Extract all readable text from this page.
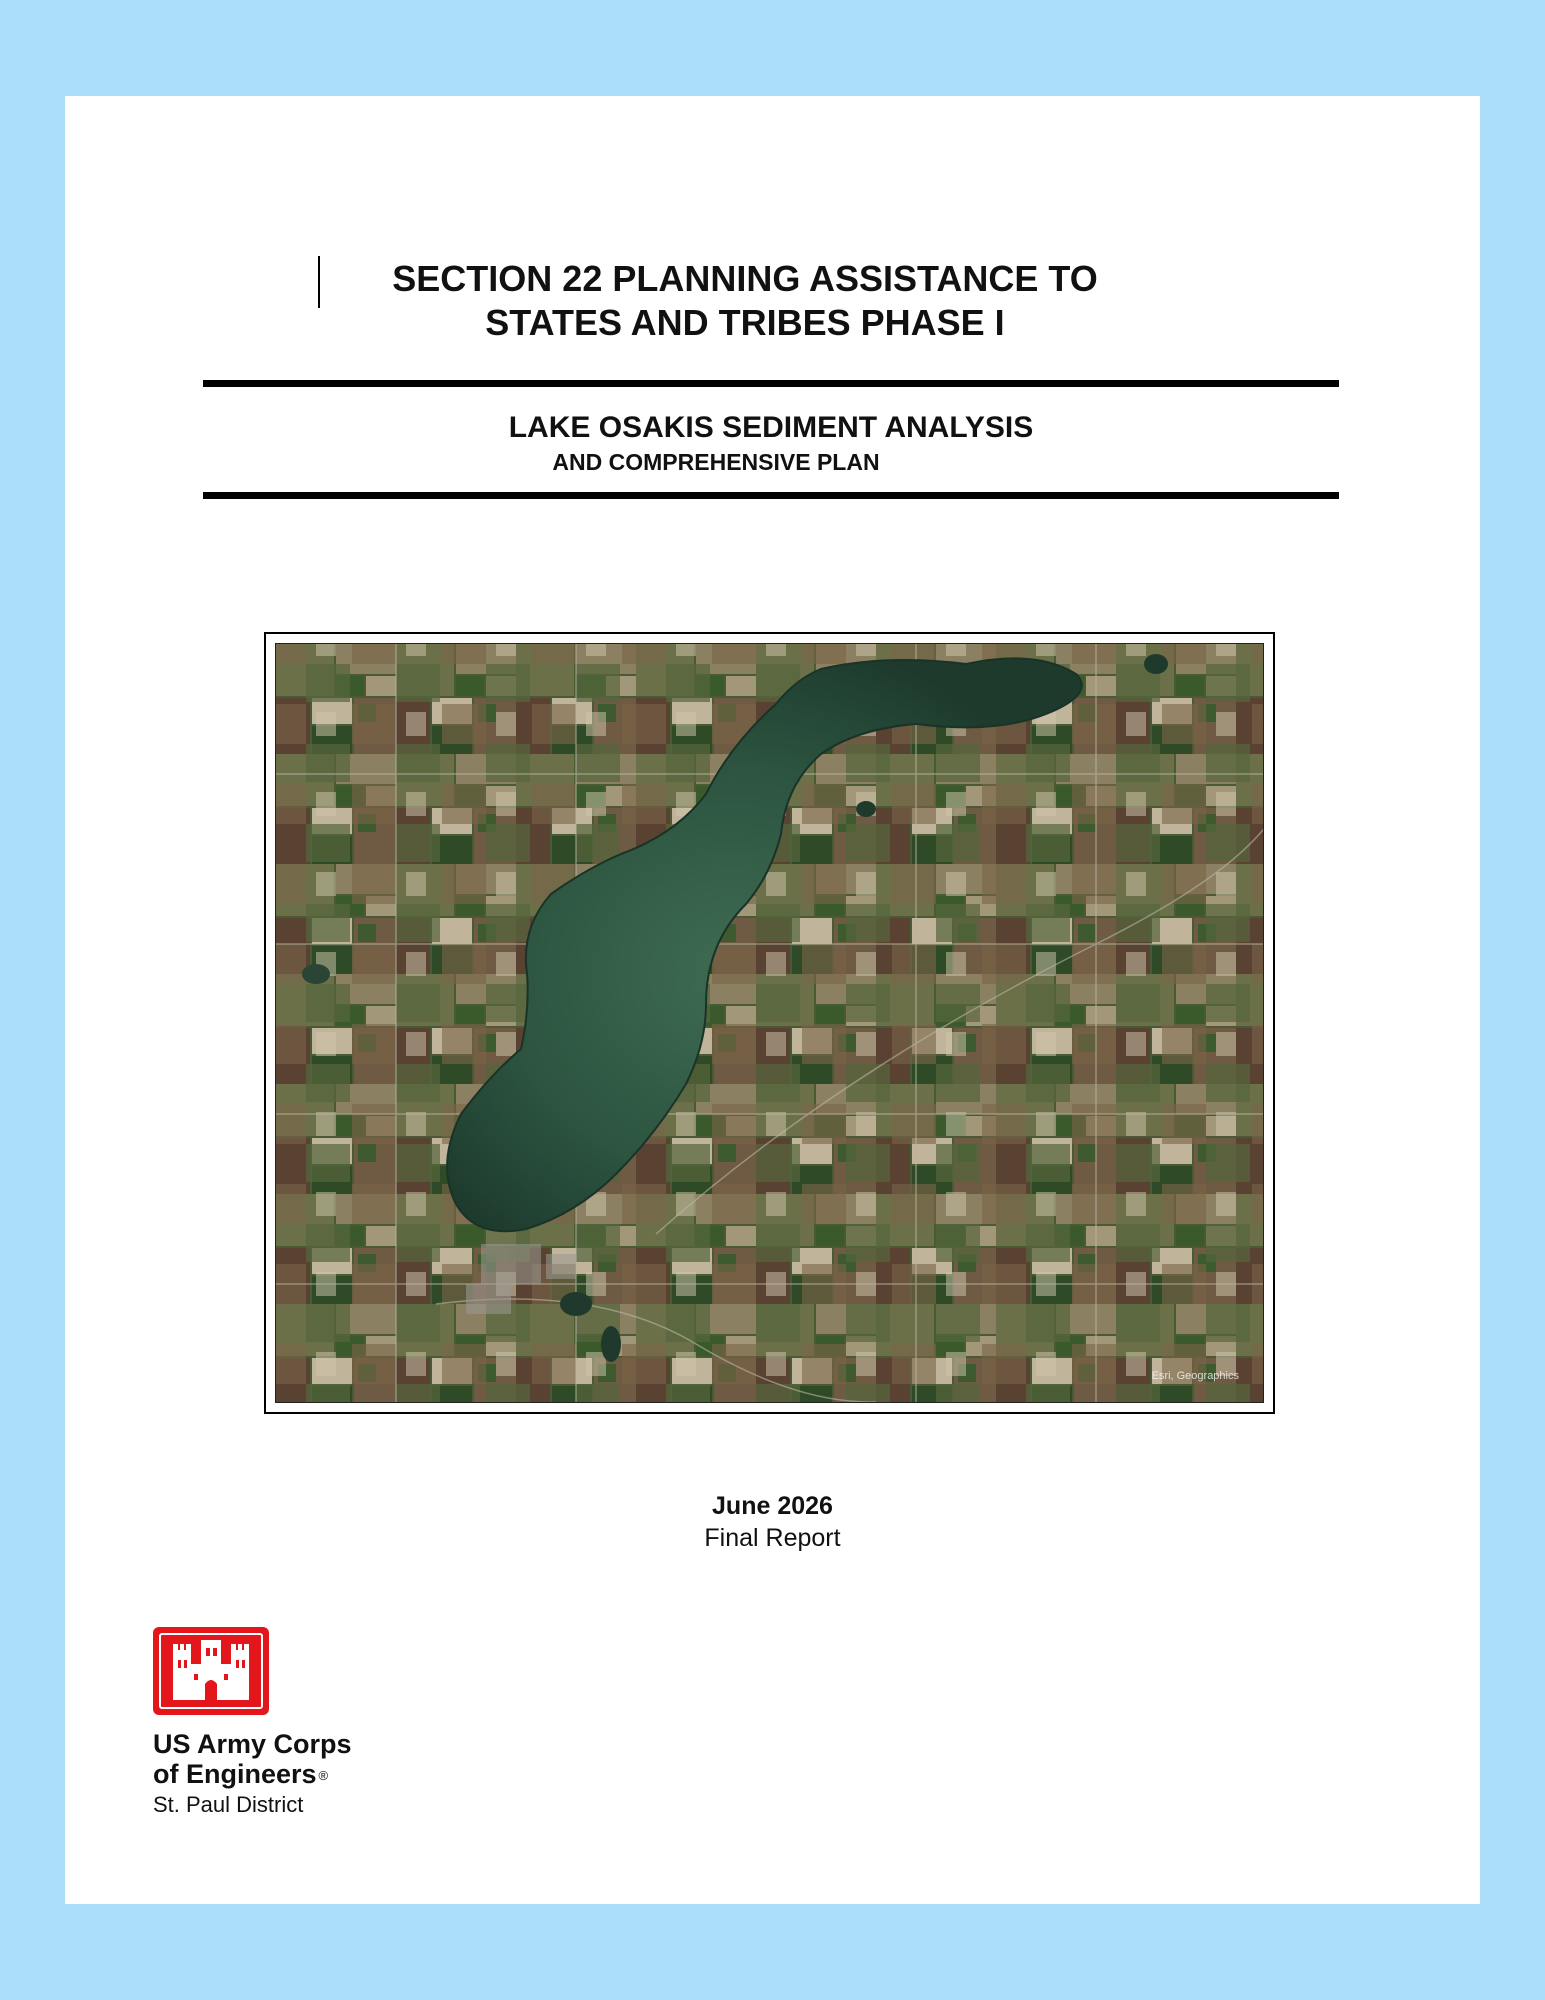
SECTION 22 PLANNING ASSISTANCE TO STATES AND TRIBES PHASE I
LAKE OSAKIS SEDIMENT ANALYSIS
AND COMPREHENSIVE PLAN
Esri, Geographics
June 2026
Final Report
US Army Corps
of Engineers ®
St. Paul District
